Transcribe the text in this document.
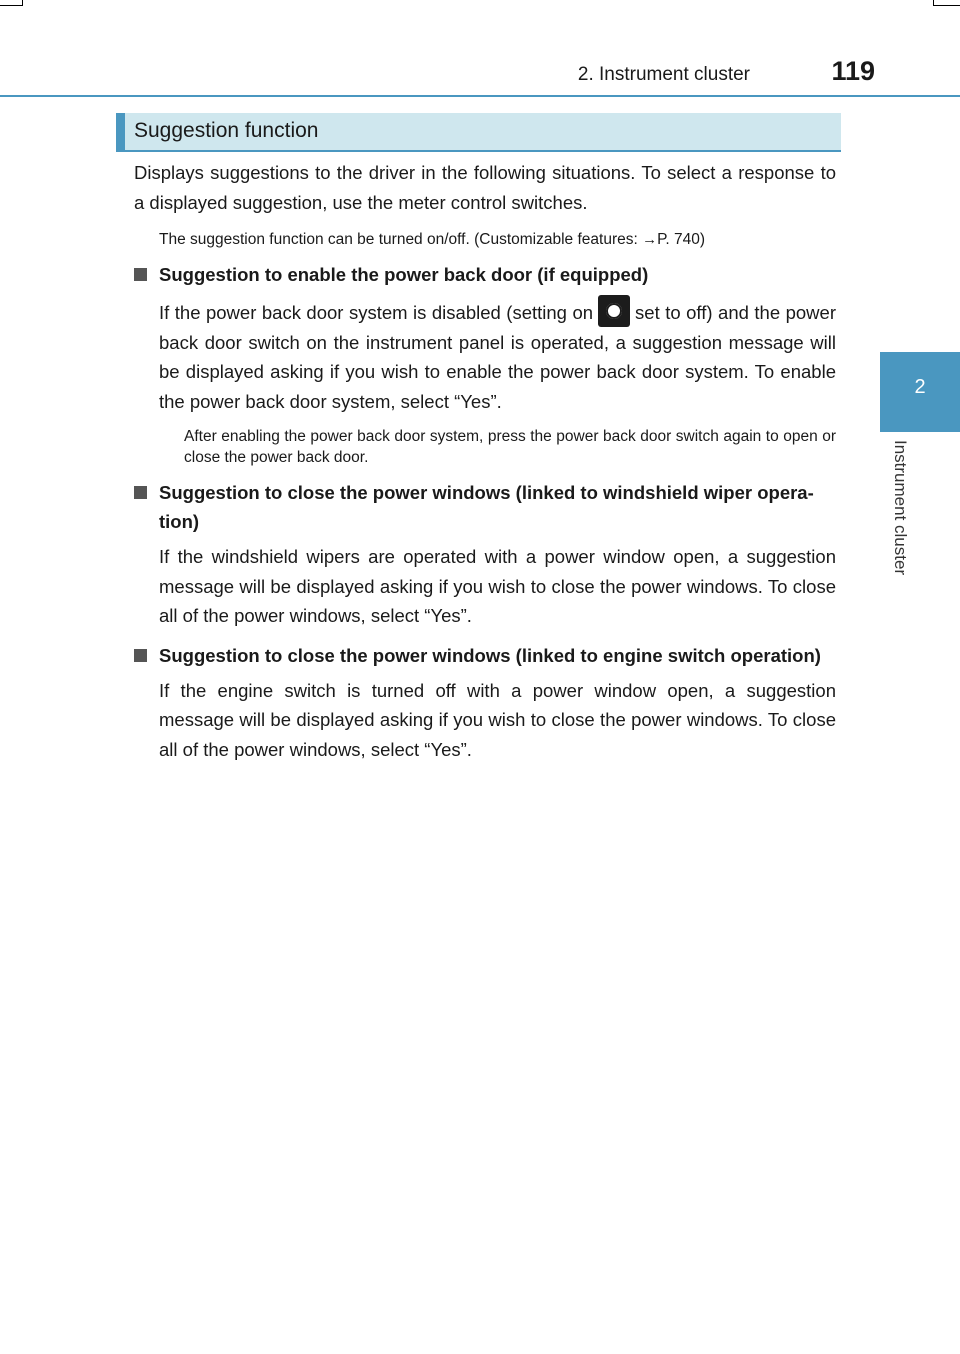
2. Instrument cluster	119
2
Instrument cluster
Suggestion function

Displays suggestions to the driver in the following situations. To select a response to a displayed suggestion, use the meter control switches.

The suggestion function can be turned on/off. (Customizable features: →P. 740)

Suggestion to enable the power back door (if equipped)

If the power back door system is disabled (setting on set to off) and the power back door switch on the instrument panel is operated, a suggestion message will be displayed asking if you wish to enable the power back door system. To enable the power back door system, select “Yes”.

After enabling the power back door system, press the power back door switch again to open or close the power back door.

Suggestion to close the power windows (linked to windshield wiper opera-tion)

If the windshield wipers are operated with a power window open, a suggestion message will be displayed asking if you wish to close the power windows. To close all of the power windows, select “Yes”.

Suggestion to close the power windows (linked to engine switch operation)

If the engine switch is turned off with a power window open, a suggestion message will be displayed asking if you wish to close the power windows. To close all of the power windows, select “Yes”.
